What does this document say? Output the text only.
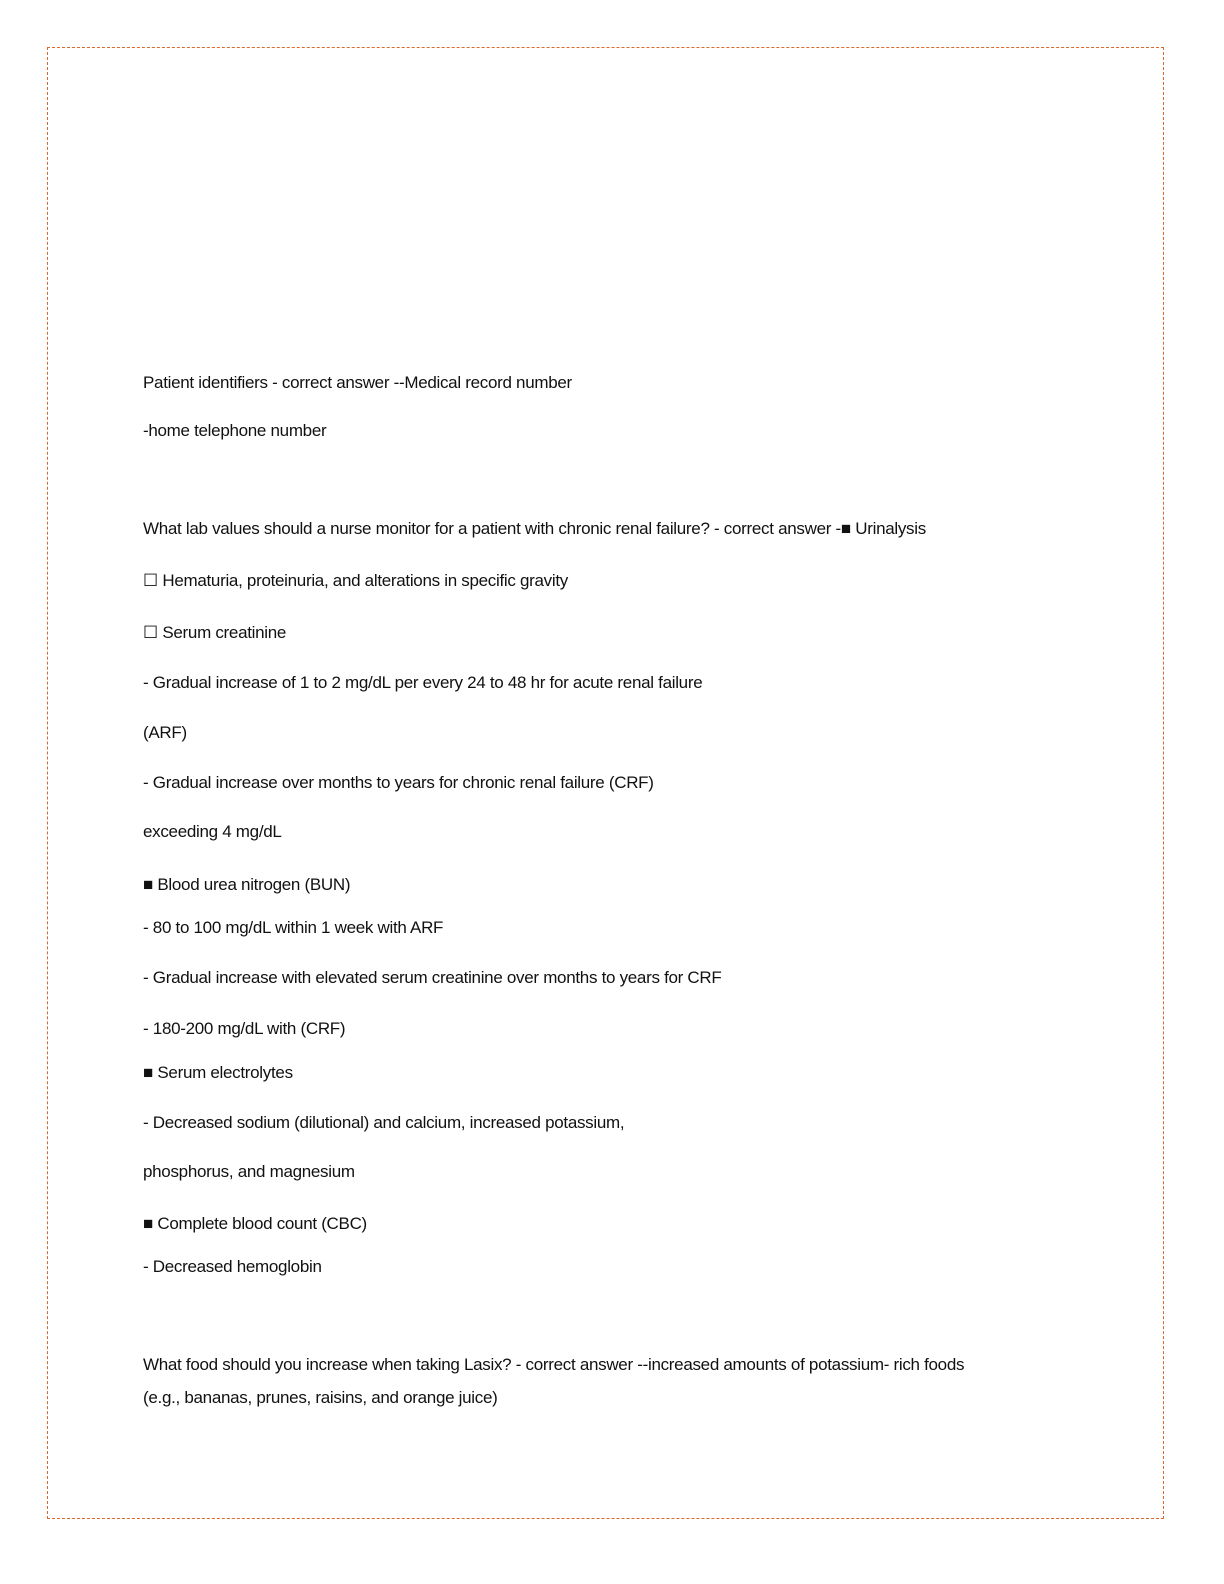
Patient identifiers - correct answer --Medical record number
-home telephone number
What lab values should a nurse monitor for a patient with chronic renal failure? - correct answer -■ Urinalysis
☐ Hematuria, proteinuria, and alterations in specific gravity
☐ Serum creatinine
- Gradual increase of 1 to 2 mg/dL per every 24 to 48 hr for acute renal failure
(ARF)
- Gradual increase over months to years for chronic renal failure (CRF)
exceeding 4 mg/dL
■ Blood urea nitrogen (BUN)
- 80 to 100 mg/dL within 1 week with ARF
- Gradual increase with elevated serum creatinine over months to years for CRF
- 180-200 mg/dL with (CRF)
■ Serum electrolytes
- Decreased sodium (dilutional) and calcium, increased potassium,
phosphorus, and magnesium
■ Complete blood count (CBC)
- Decreased hemoglobin
What food should you increase when taking Lasix? - correct answer --increased amounts of potassium- rich foods
(e.g., bananas, prunes, raisins, and orange juice)
